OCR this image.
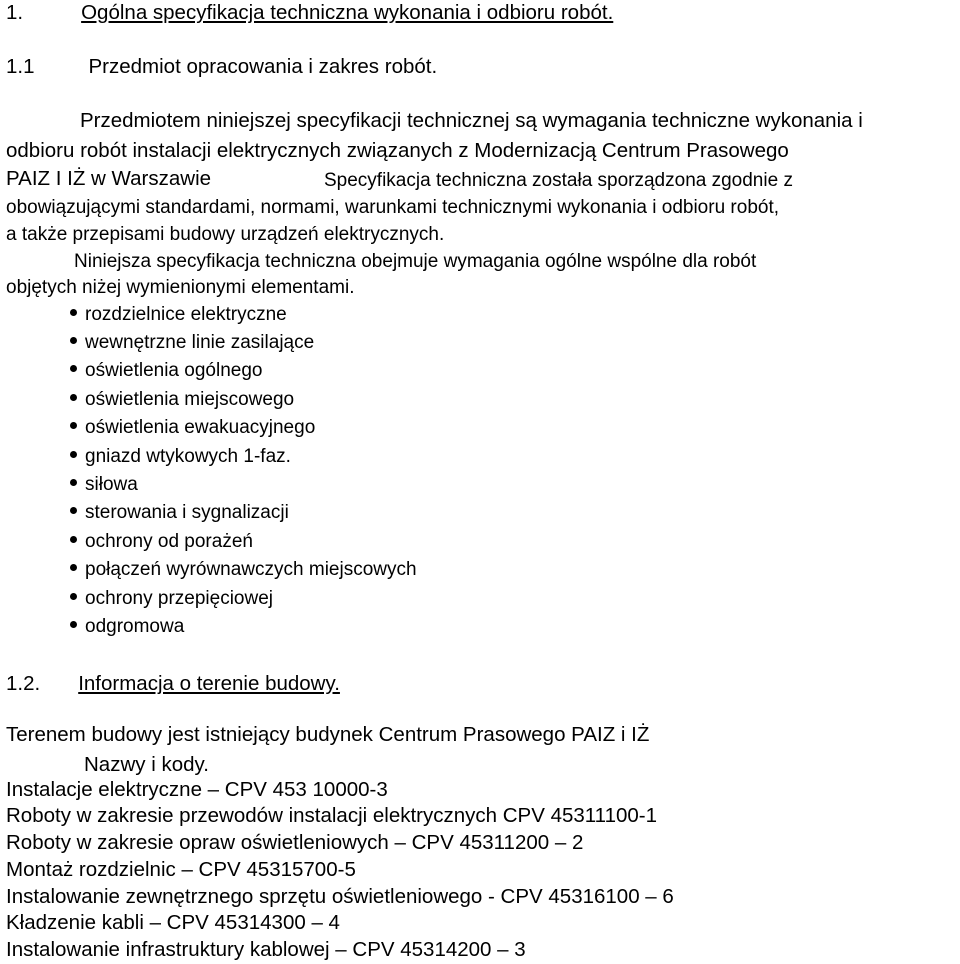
1.	Ogólna specyfikacja techniczna wykonania i odbioru robót.
1.1	Przedmiot opracowania i zakres robót.
Przedmiotem niniejszej specyfikacji technicznej są wymagania techniczne wykonania i
odbioru robót instalacji elektrycznych związanych z Modernizacją Centrum Prasowego
PAIZ I IŻ w Warszawie	Specyfikacja techniczna została sporządzona zgodnie z
obowiązującymi standardami, normami, warunkami technicznymi wykonania i odbioru robót,
a także przepisami budowy urządzeń elektrycznych.
Niniejsza specyfikacja techniczna obejmuje wymagania ogólne wspólne dla robót
objętych niżej wymienionymi elementami.
rozdzielnice elektryczne
wewnętrzne linie zasilające
oświetlenia ogólnego
oświetlenia miejscowego
oświetlenia ewakuacyjnego
gniazd wtykowych 1-faz.
siłowa
sterowania i sygnalizacji
ochrony od porażeń
połączeń wyrównawczych miejscowych
ochrony przepięciowej
odgromowa
1.2. Informacja o terenie budowy.
Terenem budowy jest istniejący budynek Centrum Prasowego PAIZ i IŻ
Nazwy i kody.
Instalacje elektryczne – CPV 453 10000-3
Roboty w zakresie przewodów instalacji elektrycznych CPV 45311100-1
Roboty w zakresie opraw oświetleniowych – CPV 45311200 – 2
Montaż rozdzielnic – CPV 45315700-5
Instalowanie zewnętrznego sprzętu oświetleniowego - CPV 45316100 – 6
Kładzenie kabli – CPV 45314300 – 4
Instalowanie infrastruktury kablowej – CPV 45314200 – 3
